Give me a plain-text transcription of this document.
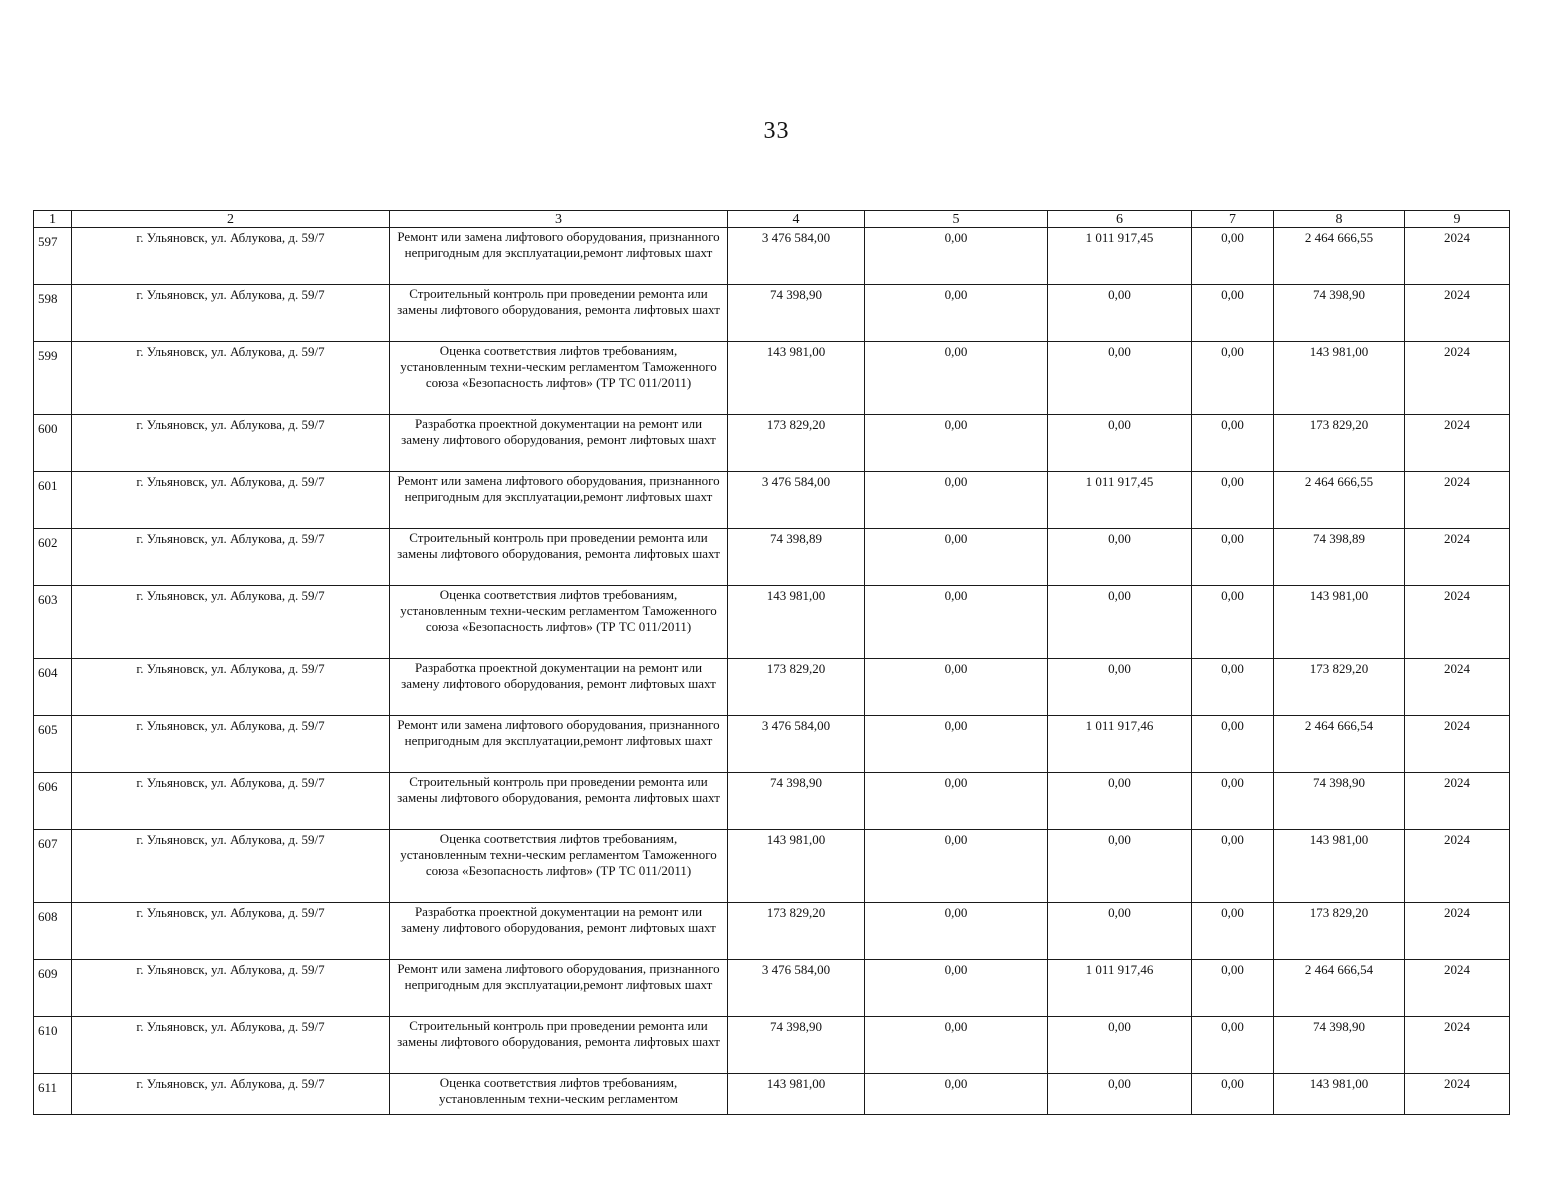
33
1	2	3	4	5	6	7	8	9
597	г. Ульяновск, ул. Аблукова, д. 59/7	Ремонт или замена лифтового оборудования, признанного непригодным для эксплуатации,ремонт лифтовых шахт	3 476 584,00	0,00	1 011 917,45	0,00	2 464 666,55	2024
598	г. Ульяновск, ул. Аблукова, д. 59/7	Строительный контроль при проведении ремонта или замены лифтового оборудования, ремонта лифтовых шахт	74 398,90	0,00	0,00	0,00	74 398,90	2024
599	г. Ульяновск, ул. Аблукова, д. 59/7	Оценка соответствия лифтов требованиям, установленным техни-ческим регламентом Таможенного союза «Безопасность лифтов» (ТР ТС 011/2011)	143 981,00	0,00	0,00	0,00	143 981,00	2024
600	г. Ульяновск, ул. Аблукова, д. 59/7	Разработка проектной документации на ремонт или замену лифтового оборудования, ремонт лифтовых шахт	173 829,20	0,00	0,00	0,00	173 829,20	2024
601	г. Ульяновск, ул. Аблукова, д. 59/7	Ремонт или замена лифтового оборудования, признанного непригодным для эксплуатации,ремонт лифтовых шахт	3 476 584,00	0,00	1 011 917,45	0,00	2 464 666,55	2024
602	г. Ульяновск, ул. Аблукова, д. 59/7	Строительный контроль при проведении ремонта или замены лифтового оборудования, ремонта лифтовых шахт	74 398,89	0,00	0,00	0,00	74 398,89	2024
603	г. Ульяновск, ул. Аблукова, д. 59/7	Оценка соответствия лифтов требованиям, установленным техни-ческим регламентом Таможенного союза «Безопасность лифтов» (ТР ТС 011/2011)	143 981,00	0,00	0,00	0,00	143 981,00	2024
604	г. Ульяновск, ул. Аблукова, д. 59/7	Разработка проектной документации на ремонт или замену лифтового оборудования, ремонт лифтовых шахт	173 829,20	0,00	0,00	0,00	173 829,20	2024
605	г. Ульяновск, ул. Аблукова, д. 59/7	Ремонт или замена лифтового оборудования, признанного непригодным для эксплуатации,ремонт лифтовых шахт	3 476 584,00	0,00	1 011 917,46	0,00	2 464 666,54	2024
606	г. Ульяновск, ул. Аблукова, д. 59/7	Строительный контроль при проведении ремонта или замены лифтового оборудования, ремонта лифтовых шахт	74 398,90	0,00	0,00	0,00	74 398,90	2024
607	г. Ульяновск, ул. Аблукова, д. 59/7	Оценка соответствия лифтов требованиям, установленным техни-ческим регламентом Таможенного союза «Безопасность лифтов» (ТР ТС 011/2011)	143 981,00	0,00	0,00	0,00	143 981,00	2024
608	г. Ульяновск, ул. Аблукова, д. 59/7	Разработка проектной документации на ремонт или замену лифтового оборудования, ремонт лифтовых шахт	173 829,20	0,00	0,00	0,00	173 829,20	2024
609	г. Ульяновск, ул. Аблукова, д. 59/7	Ремонт или замена лифтового оборудования, признанного непригодным для эксплуатации,ремонт лифтовых шахт	3 476 584,00	0,00	1 011 917,46	0,00	2 464 666,54	2024
610	г. Ульяновск, ул. Аблукова, д. 59/7	Строительный контроль при проведении ремонта или замены лифтового оборудования, ремонта лифтовых шахт	74 398,90	0,00	0,00	0,00	74 398,90	2024
611	г. Ульяновск, ул. Аблукова, д. 59/7	Оценка соответствия лифтов требованиям, установленным техни-ческим регламентом	143 981,00	0,00	0,00	0,00	143 981,00	2024
